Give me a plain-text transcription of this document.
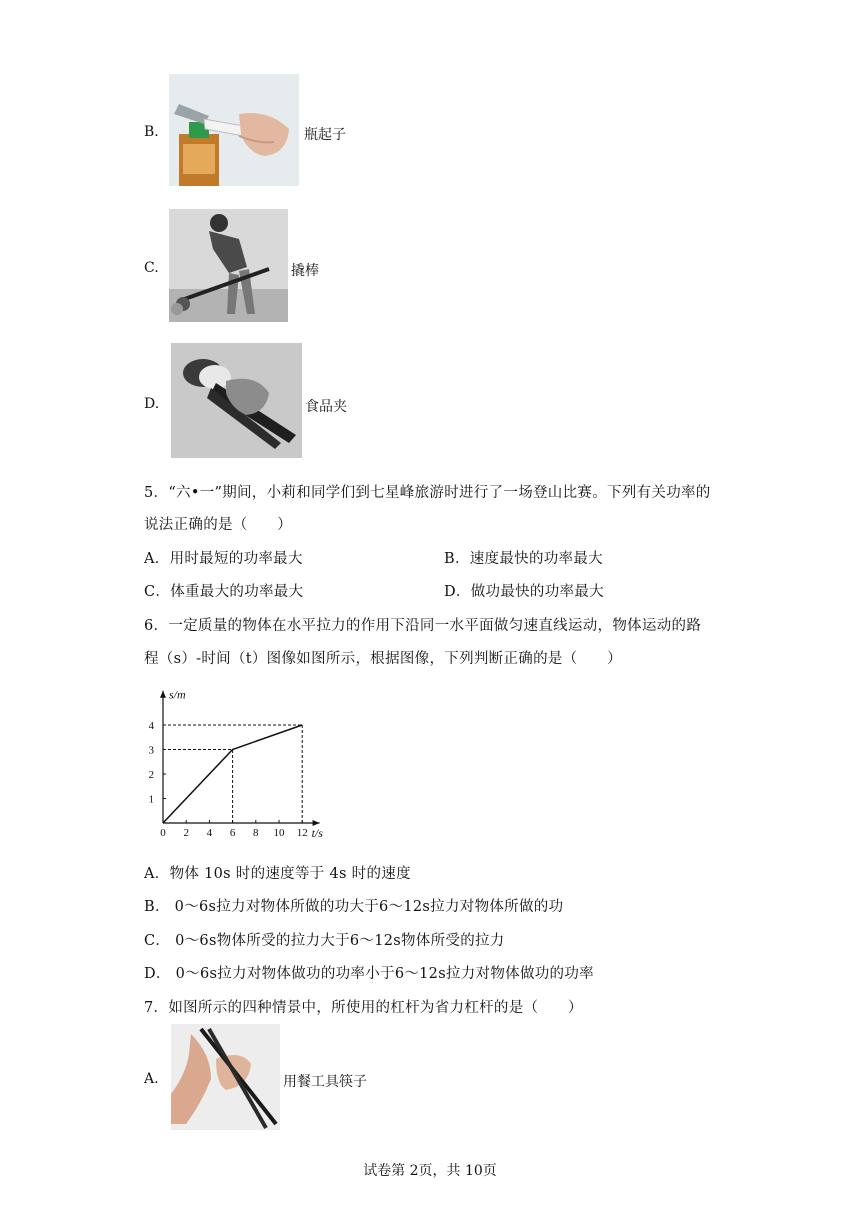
B.	瓶起子
C.	撬棒
D.	食品夹
5．“六•一”期间，小莉和同学们到七星峰旅游时进行了一场登山比赛。下列有关功率的
说法正确的是（　　）
A．用时最短的功率最大	B．速度最快的功率最大
C．体重最大的功率最大	D．做功最快的功率最大
6．一定质量的物体在水平拉力的作用下沿同一水平面做匀速直线运动，物体运动的路
程（s）-时间（t）图像如图所示，根据图像，下列判断正确的是（　　）
0 2 4 6 8 10 12
1
2
3
4
t/s
s/m
A．物体 10s 时的速度等于 4s 时的速度
B． 0～6s拉力对物体所做的功大于6～12s拉力对物体所做的功
C． 0～6s物体所受的拉力大于6～12s物体所受的拉力
D． 0～6s拉力对物体做功的功率小于6～12s拉力对物体做功的功率
7．如图所示的四种情景中，所使用的杠杆为省力杠杆的是（　　）
A.	用餐工具筷子
试卷第 2页，共 10页
